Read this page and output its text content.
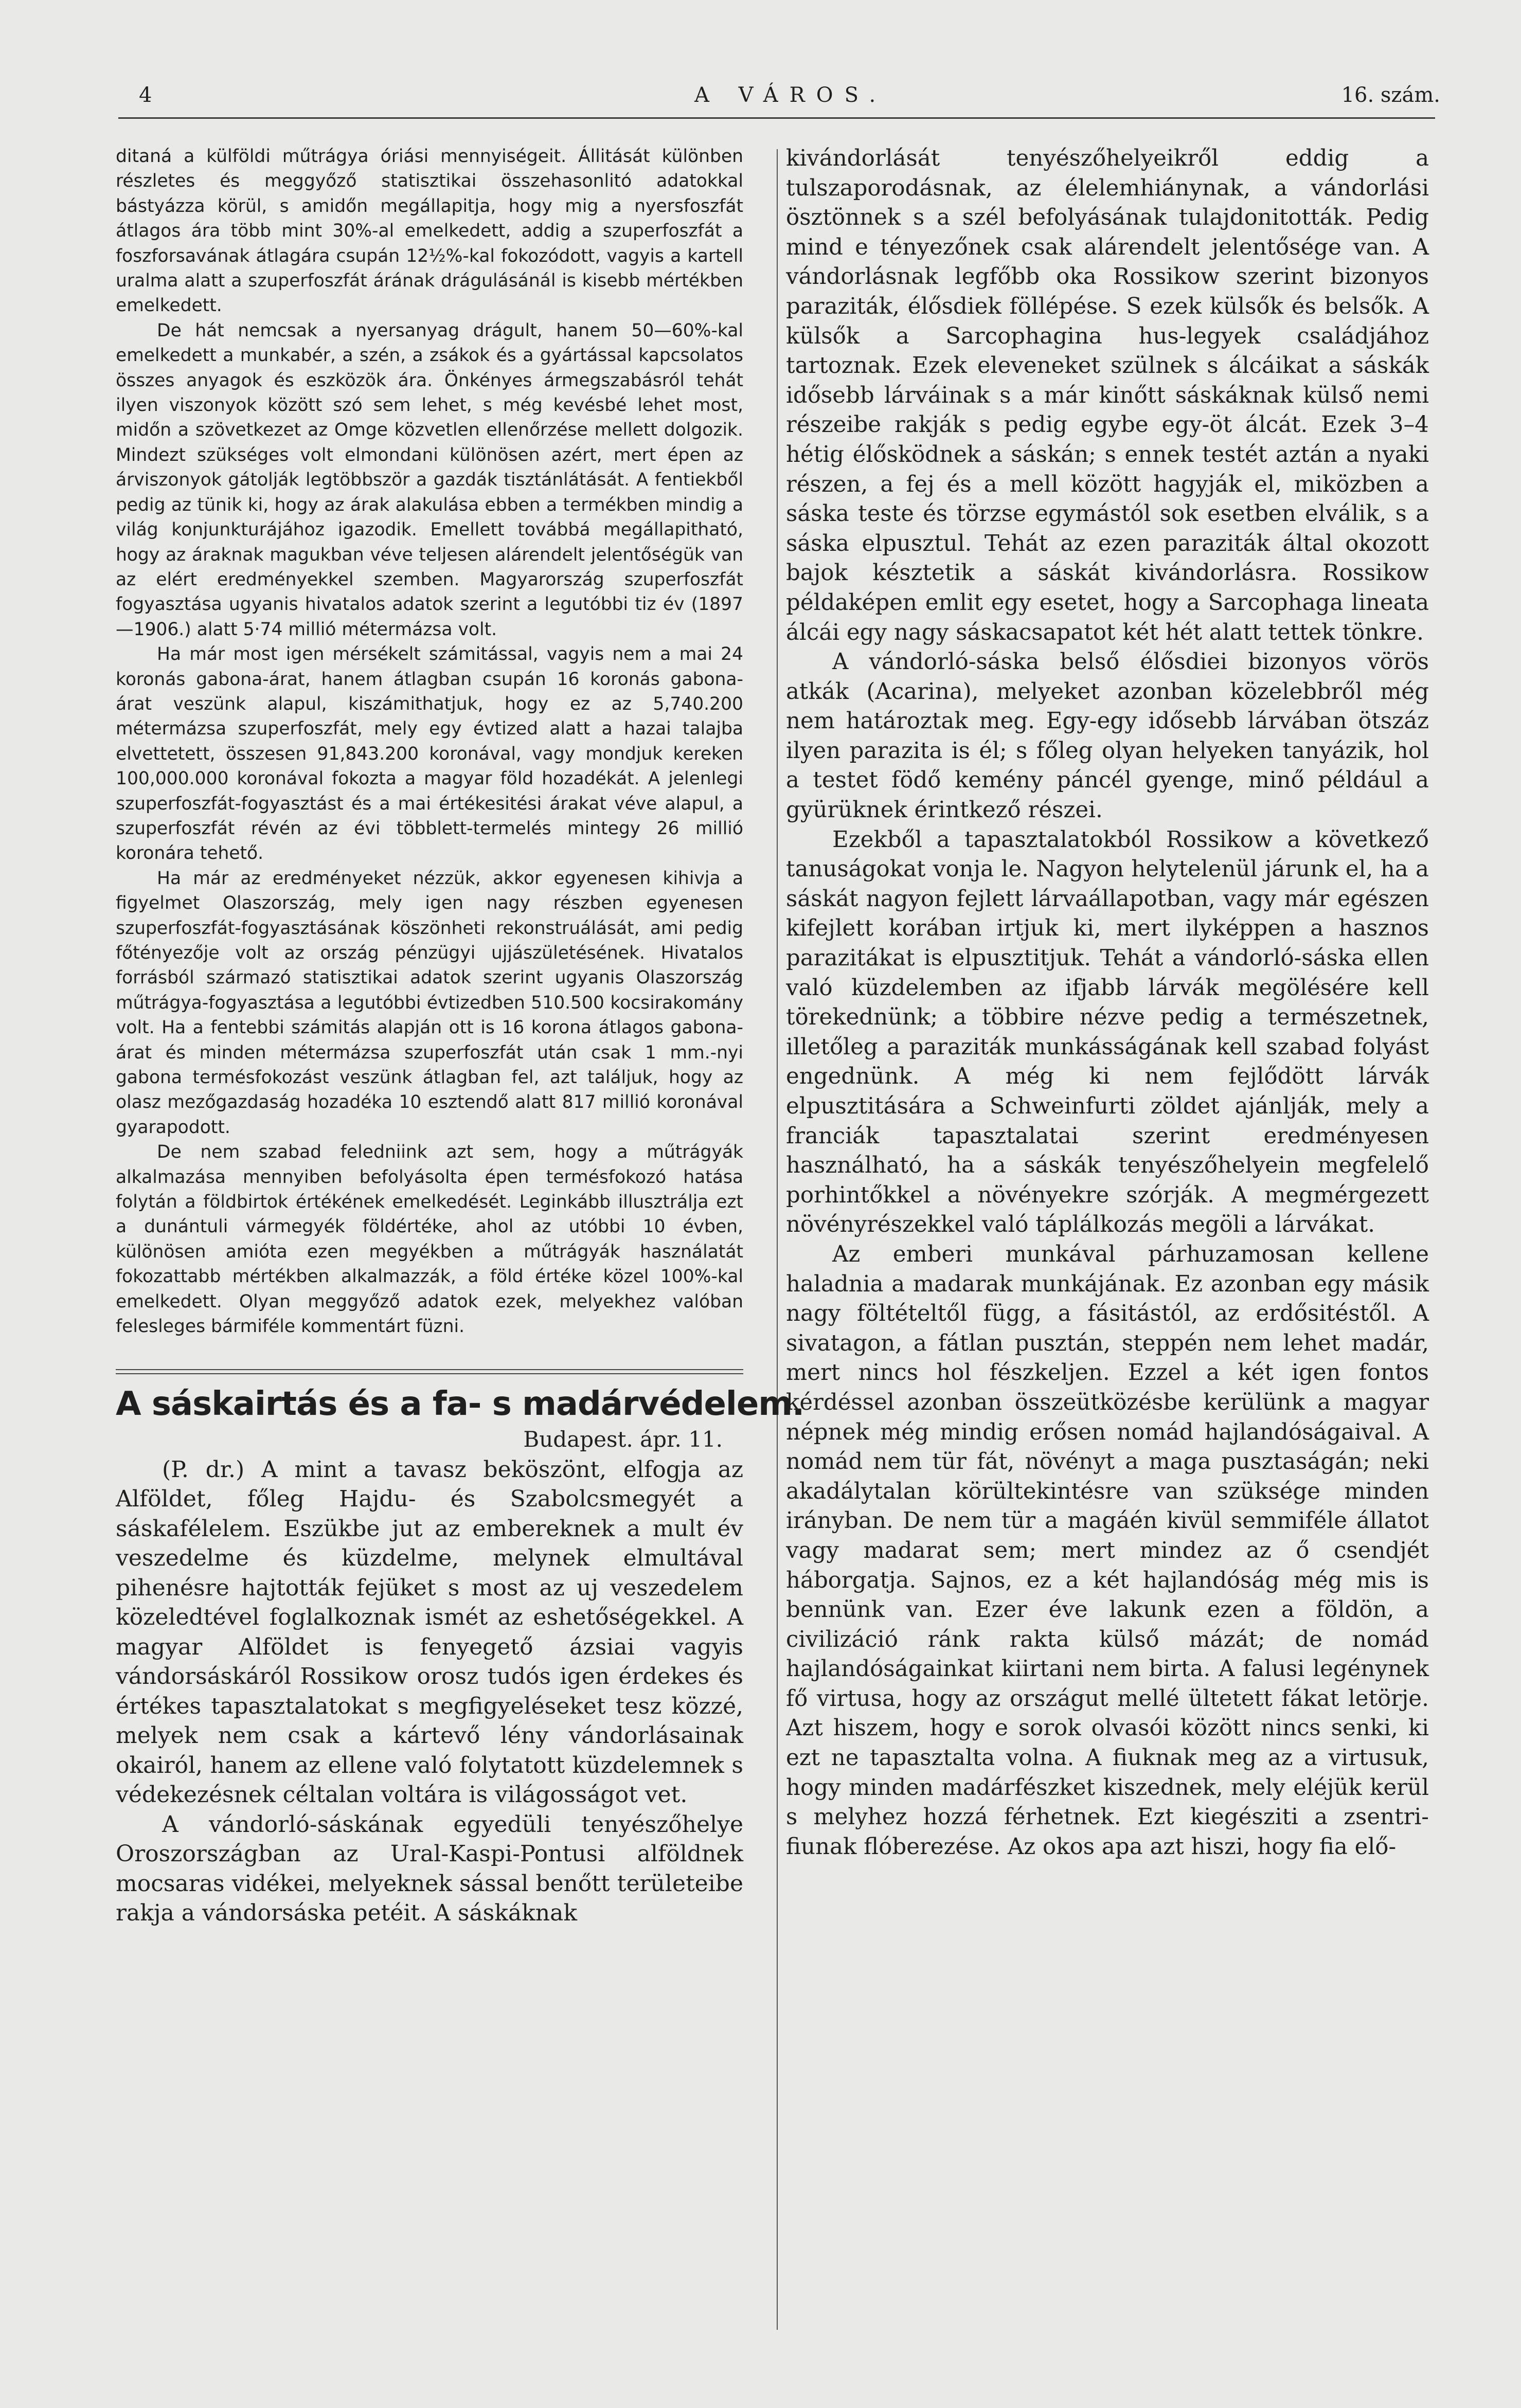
4	A VÁROS.	16. szám.

ditaná a külföldi műtrágya óriási mennyiségeit. Állitását különben részletes és meggyőző statisztikai összehasonlitó adatokkal bástyázza körül, s amidőn megállapitja, hogy mig a nyersfoszfát átlagos ára több mint 30%-al emelkedett, addig a szuperfoszfát a foszforsavának átlagára csupán 12½%-kal fokozódott, vagyis a kartell uralma alatt a szuperfoszfát árának drágulásánál is kisebb mértékben emelkedett.

De hát nemcsak a nyersanyag drágult, hanem 50—60%-kal emelkedett a munkabér, a szén, a zsákok és a gyártással kapcsolatos összes anyagok és eszközök ára. Önkényes ármegszabásról tehát ilyen viszonyok között szó sem lehet, s még kevésbé lehet most, midőn a szövetkezet az Omge közvetlen ellenőrzése mellett dolgozik. Mindezt szükséges volt elmondani különösen azért, mert épen az árviszonyok gátolják legtöbbször a gazdák tisztánlátását. A fentiekből pedig az tünik ki, hogy az árak alakulása ebben a termékben mindig a világ konjunkturájához igazodik. Emellett továbbá megállapitható, hogy az áraknak magukban véve teljesen alárendelt jelentőségük van az elért eredményekkel szemben. Magyarország szuperfoszfát fogyasztása ugyanis hivatalos adatok szerint a legutóbbi tiz év (1897—1906.) alatt 5·74 millió métermázsa volt.

Ha már most igen mérsékelt számitással, vagyis nem a mai 24 koronás gabona-árat, hanem átlagban csupán 16 koronás gabona-árat veszünk alapul, kiszámithatjuk, hogy ez az 5,740.200 métermázsa szuperfoszfát, mely egy évtized alatt a hazai talajba elvettetett, összesen 91,843.200 koronával, vagy mondjuk kereken 100,000.000 koronával fokozta a magyar föld hozadékát. A jelenlegi szuperfoszfát-fogyasztást és a mai értékesitési árakat véve alapul, a szuperfoszfát révén az évi többlett-termelés mintegy 26 millió koronára tehető.

Ha már az eredményeket nézzük, akkor egyenesen kihivja a figyelmet Olaszország, mely igen nagy részben egyenesen szuperfoszfát-fogyasztásának köszönheti rekonstruálását, ami pedig főtényezője volt az ország pénzügyi ujjászületésének. Hivatalos forrásból származó statisztikai adatok szerint ugyanis Olaszország műtrágya-fogyasztása a legutóbbi évtizedben 510.500 kocsirakomány volt. Ha a fentebbi számitás alapján ott is 16 korona átlagos gabona-árat és minden métermázsa szuperfoszfát után csak 1 mm.-nyi gabona termésfokozást veszünk átlagban fel, azt találjuk, hogy az olasz mezőgazdaság hozadéka 10 esztendő alatt 817 millió koronával gyarapodott.

De nem szabad feledniink azt sem, hogy a műtrágyák alkalmazása mennyiben befolyásolta épen termésfokozó hatása folytán a földbirtok értékének emelkedését. Leginkább illusztrálja ezt a dunántuli vármegyék földértéke, ahol az utóbbi 10 évben, különösen amióta ezen megyékben a műtrágyák használatát fokozattabb mértékben alkalmazzák, a föld értéke közel 100%-kal emelkedett. Olyan meggyőző adatok ezek, melyekhez valóban felesleges bármiféle kommentárt füzni.

A sáskairtás és a fa- s madárvédelem.
Budapest. ápr. 11.

(P. dr.) A mint a tavasz beköszönt, elfogja az Alföldet, főleg Hajdu- és Szabolcsmegyét a sáskafélelem. Eszükbe jut az embereknek a mult év veszedelme és küzdelme, melynek elmultával pihenésre hajtották fejüket s most az uj veszedelem közeledtével foglalkoznak ismét az eshetőségekkel. A magyar Alföldet is fenyegető ázsiai vagyis vándorsáskáról Rossikow orosz tudós igen érdekes és értékes tapasztalatokat s megfigyeléseket tesz közzé, melyek nem csak a kártevő lény vándorlásainak okairól, hanem az ellene való folytatott küzdelemnek s védekezésnek céltalan voltára is világosságot vet.

A vándorló-sáskának egyedüli tenyészőhelye Oroszországban az Ural-Kaspi-Pontusi alföldnek mocsaras vidékei, melyeknek sással benőtt területeibe rakja a vándorsáska petéit. A sáskáknak

kivándorlását tenyészőhelyeikről eddig a tulszaporodásnak, az élelemhiánynak, a vándorlási ösztönnek s a szél befolyásának tulajdonitották. Pedig mind e tényezőnek csak alárendelt jelentősége van. A vándorlásnak legfőbb oka Rossikow szerint bizonyos paraziták, élősdiek föllépése. S ezek külsők és belsők. A külsők a Sarcophagina hus-legyek családjához tartoznak. Ezek eleveneket szülnek s álcáikat a sáskák idősebb lárváinak s a már kinőtt sáskáknak külső nemi részeibe rakják s pedig egybe egy-öt álcát. Ezek 3–4 hétig élősködnek a sáskán; s ennek testét aztán a nyaki részen, a fej és a mell között hagyják el, miközben a sáska teste és törzse egymástól sok esetben elválik, s a sáska elpusztul. Tehát az ezen paraziták által okozott bajok késztetik a sáskát kivándorlásra. Rossikow példaképen emlit egy esetet, hogy a Sarcophaga lineata álcái egy nagy sáskacsapatot két hét alatt tettek tönkre.

A vándorló-sáska belső élősdiei bizonyos vörös atkák (Acarina), melyeket azonban közelebbről még nem határoztak meg. Egy-egy idősebb lárvában ötszáz ilyen parazita is él; s főleg olyan helyeken tanyázik, hol a testet födő kemény páncél gyenge, minő például a gyürüknek érintkező részei.

Ezekből a tapasztalatokból Rossikow a következő tanuságokat vonja le. Nagyon helytelenül járunk el, ha a sáskát nagyon fejlett lárvaállapotban, vagy már egészen kifejlett korában irtjuk ki, mert ilyképpen a hasznos parazitákat is elpusztitjuk. Tehát a vándorló-sáska ellen való küzdelemben az ifjabb lárvák megölésére kell törekednünk; a többire nézve pedig a természetnek, illetőleg a paraziták munkásságának kell szabad folyást engednünk. A még ki nem fejlődött lárvák elpusztitására a Schweinfurti zöldet ajánlják, mely a franciák tapasztalatai szerint eredményesen használható, ha a sáskák tenyészőhelyein megfelelő porhintőkkel a növényekre szórják. A megmérgezett növényrészekkel való táplálkozás megöli a lárvákat.

Az emberi munkával párhuzamosan kellene haladnia a madarak munkájának. Ez azonban egy másik nagy föltételtől függ, a fásitástól, az erdősitéstől. A sivatagon, a fátlan pusztán, steppén nem lehet madár, mert nincs hol fészkeljen. Ezzel a két igen fontos kérdéssel azonban összeütközésbe kerülünk a magyar népnek még mindig erősen nomád hajlandóságaival. A nomád nem tür fát, növényt a maga pusztaságán; neki akadálytalan körültekintésre van szüksége minden irányban. De nem tür a magáén kivül semmiféle állatot vagy madarat sem; mert mindez az ő csendjét háborgatja. Sajnos, ez a két hajlandóság még mis is bennünk van. Ezer éve lakunk ezen a földön, a civilizáció ránk rakta külső mázát; de nomád hajlandóságainkat kiirtani nem birta. A falusi legénynek fő virtusa, hogy az országut mellé ültetett fákat letörje. Azt hiszem, hogy e sorok olvasói között nincs senki, ki ezt ne tapasztalta volna. A fiuknak meg az a virtusuk, hogy minden madárfészket kiszednek, mely eléjük kerül s melyhez hozzá férhetnek. Ezt kiegésziti a zsentri-fiunak flóberezése. Az okos apa azt hiszi, hogy fia elő-
